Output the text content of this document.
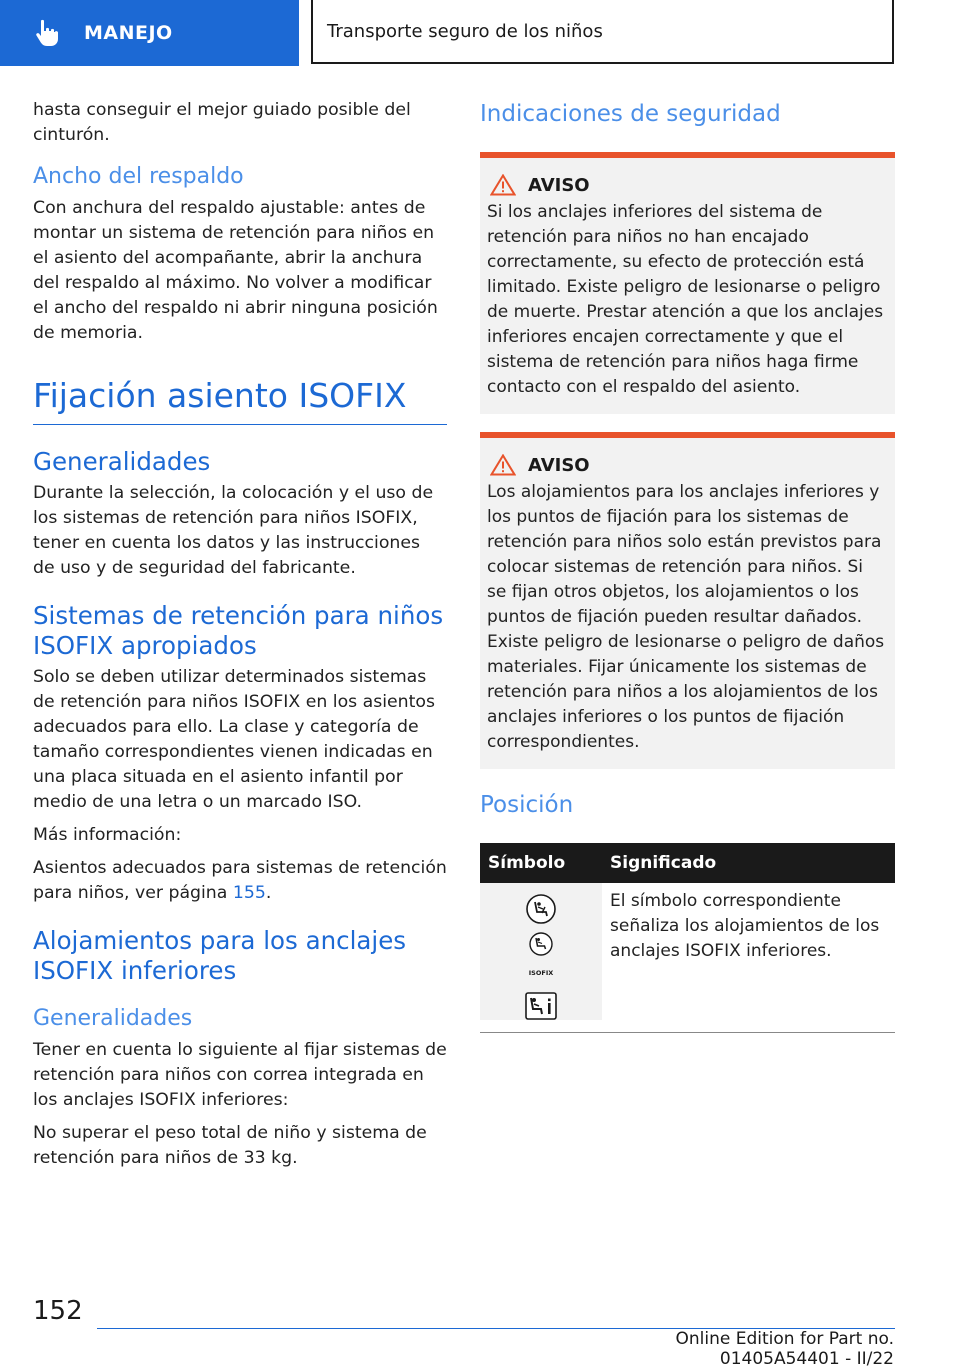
MANEJO	Transporte seguro de los niños

hasta conseguir el mejor guiado posible del cinturón.

Ancho del respaldo

Con anchura del respaldo ajustable: antes de montar un sistema de retención para niños en el asiento del acompañante, abrir la anchura del respaldo al máximo. No volver a modificar el ancho del respaldo ni abrir ninguna posición de memoria.

Fijación asiento ISOFIX
Generalidades

Durante la selección, la colocación y el uso de los sistemas de retención para niños ISOFIX, tener en cuenta los datos y las instrucciones de uso y de seguridad del fabricante.

Sistemas de retención para niños ISOFIX apropiados

Solo se deben utilizar determinados sistemas de retención para niños ISOFIX en los asientos adecuados para ello. La clase y categoría de tamaño correspondientes vienen indicadas en una placa situada en el asiento infantil por medio de una letra o un marcado ISO.

Más información:

Asientos adecuados para sistemas de retención para niños, ver página 155.

Alojamientos para los anclajes ISOFIX inferiores
Generalidades

Tener en cuenta lo siguiente al fijar sistemas de retención para niños con correa integrada en los anclajes ISOFIX inferiores:

No superar el peso total de niño y sistema de retención para niños de 33 kg.

Indicaciones de seguridad
AVISO

Si los anclajes inferiores del sistema de retención para niños no han encajado correctamente, su efecto de protección está limitado. Existe peligro de lesionarse o peligro de muerte. Prestar atención a que los anclajes inferiores encajen correctamente y que el sistema de retención para niños haga firme contacto con el respaldo del asiento.

AVISO

Los alojamientos para los anclajes inferiores y los puntos de fijación para los sistemas de retención para niños solo están previstos para colocar sistemas de retención para niños. Si se fijan otros objetos, los alojamientos o los puntos de fijación pueden resultar dañados. Existe peligro de lesionarse o peligro de daños materiales. Fijar únicamente los sistemas de retención para niños a los alojamientos de los anclajes inferiores o los puntos de fijación correspondientes.

Posición
Símbolo	Significado

ISOFIX	El símbolo correspondiente señaliza los alojamientos de los anclajes ISOFIX inferiores.
152
Online Edition for Part no. 01405A54401 - II/22
